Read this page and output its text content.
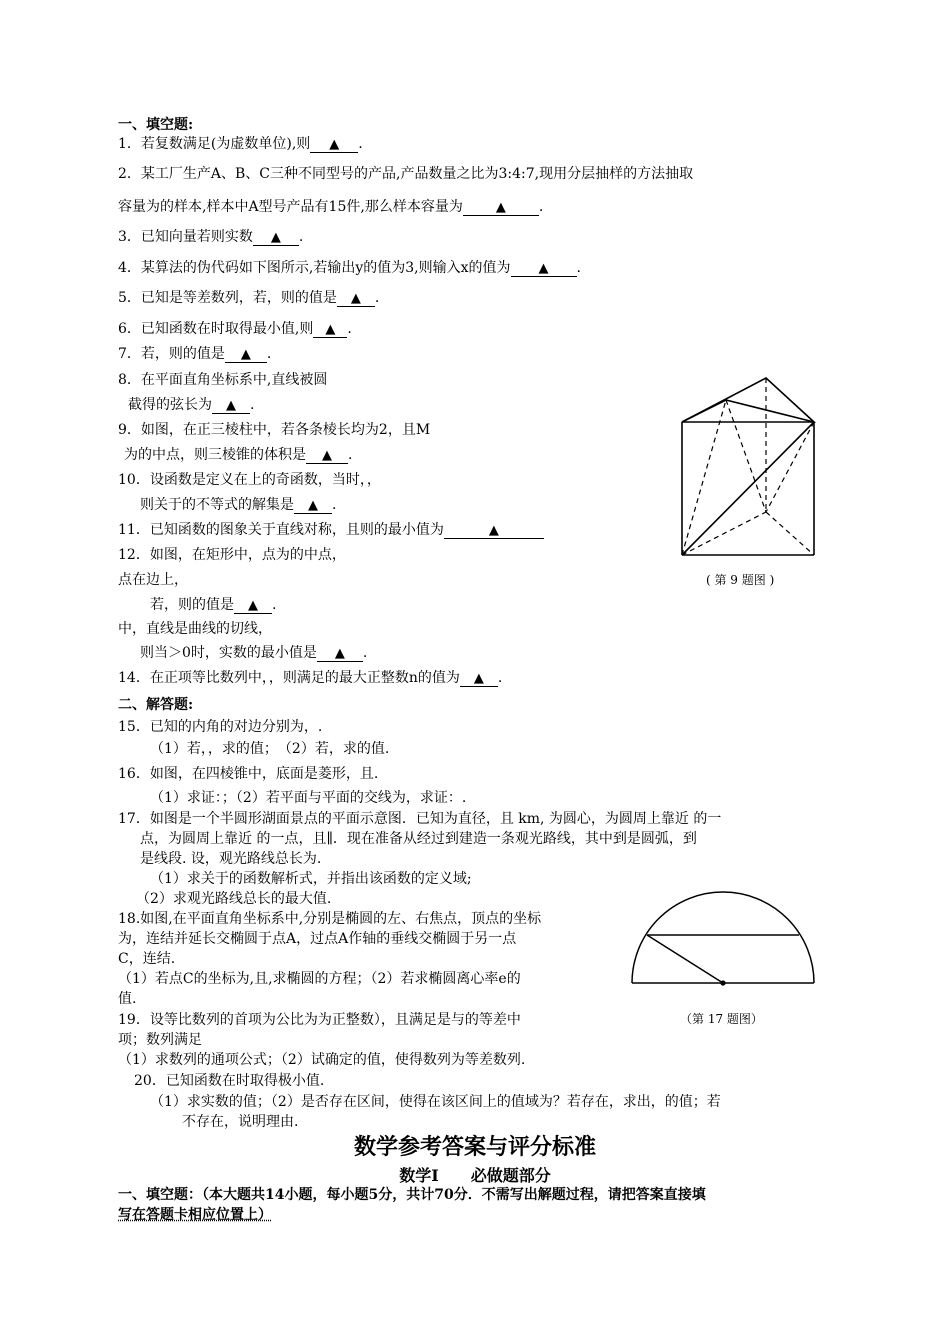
一、填空题:
1．若复数满足(为虚数单位),则 ▲ .
2．某工厂生产A、B、C三种不同型号的产品,产品数量之比为3:4:7,现用分层抽样的方法抽取
容量为的样本,样本中A型号产品有15件,那么样本容量为	▲ .
3．已知向量若则实数 ▲ .
4．某算法的伪代码如下图所示,若输出y的值为3,则输入x的值为 ▲ .
5．已知是等差数列，若，则的值是 ▲ .
6．已知函数在时取得最小值,则 ▲ .
7．若，则的值是 ▲ .
8．在平面直角坐标系中,直线被圆
截得的弦长为 ▲ .
9．如图，在正三棱柱中，若各条棱长均为2，且M
为的中点，则三棱锥的体积是 ▲ .
10．设函数是定义在上的奇函数，当时，，
则关于的不等式的解集是 ▲ .
11．已知函数的图象关于直线对称，且则的最小值为	▲
12．如图，在矩形中，点为的中点，
点在边上，
若，则的值是 ▲ .
中，直线是曲线的切线，
则当＞0时，实数的最小值是 ▲ .
14．在正项等比数列中，，则满足的最大正整数n的值为 ▲ .
( 第 9 题图 )
二、解答题:
15．已知的内角的对边分别为，.
（1）若，，求的值；　（2）若，求的值.
16．如图，在四棱锥中，底面是菱形，且.
（1）求证：；（2）若平面与平面的交线为，求证：.
17．如图是一个半圆形湖面景点的平面示意图．已知为直径，且 km, 为圆心，为圆周上靠近 的一
点，为圆周上靠近 的一点，且∥．现在准备从经过到建造一条观光路线，其中到是圆弧，到
是线段. 设，观光路线总长为.
（1）求关于的函数解析式，并指出该函数的定义域;
（2）求观光路线总长的最大值.
18.如图,在平面直角坐标系中,分别是椭圆的左、右焦点，顶点的坐标
为，连结并延长交椭圆于点A，过点A作轴的垂线交椭圆于另一点
C，连结.
（1）若点C的坐标为,且,求椭圆的方程；（2）若求椭圆离心率e的
值.
（第 17 题图）
19．设等比数列的首项为公比为为正整数），且满足是与的等差中
项；数列满足
（1）求数列的通项公式；（2）试确定的值，使得数列为等差数列.
20．已知函数在时取得极小值.
（1）求实数的值；（2）是否存在区间，使得在该区间上的值域为？若存在，求出，的值；若
不存在，说明理由.
数学参考答案与评分标准
数学Ⅰ　　必做题部分
一、填空题：（本大题共14小题，每小题5分，共计70分．不需写出解题过程，请把答案直接填
写在答题卡相应位置上）
